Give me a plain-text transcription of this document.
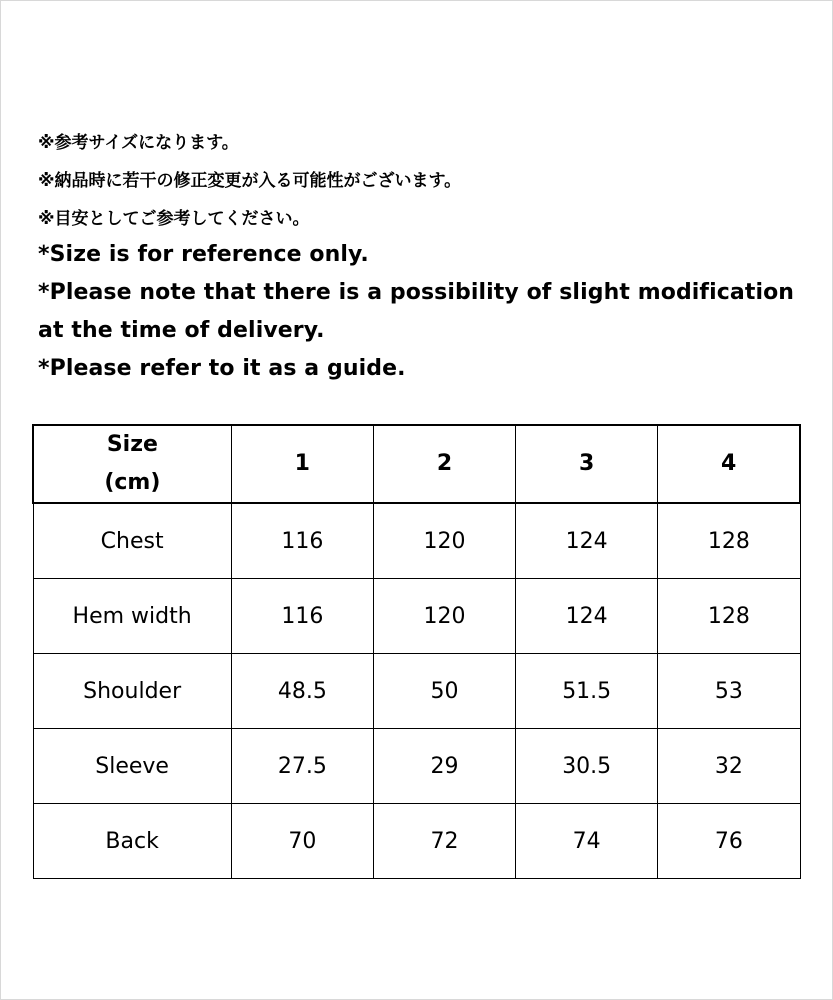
※参考サイズになります。
※納品時に若干の修正変更が入る可能性がございます。
※目安としてご参考してください。
*Size is for reference only.
*Please note that there is a possibility of slight modification at the time of delivery.
*Please refer to it as a guide.
Size
(cm)	1	2	3	4
Chest	116	120	124	128
Hem width	116	120	124	128
Shoulder	48.5	50	51.5	53
Sleeve	27.5	29	30.5	32
Back	70	72	74	76
